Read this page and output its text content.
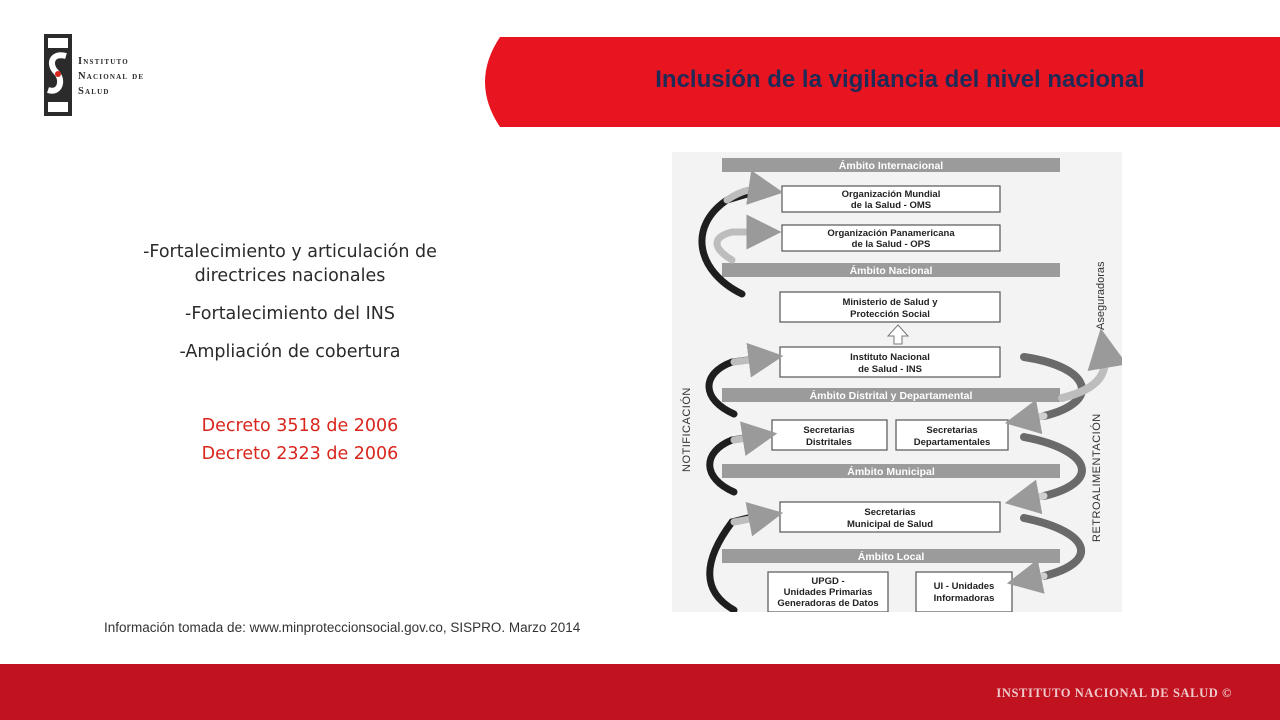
Inclusión de la vigilancia del nivel nacional
Instituto
Nacional de
Salud

-Fortalecimiento y articulación de directrices nacionales

-Fortalecimiento del INS

-Ampliación de cobertura

Decreto 3518 de 2006
Decreto 2323 de 2006
Información tomada de: www.minproteccionsocial.gov.co, SISPRO. Marzo 2014
Ámbito Internacional
Ámbito Nacional
Ámbito Distrital y Departamental
Ámbito Municipal
Ámbito Local
Organización Mundial
de la Salud - OMS
Organización Panamericana
de la Salud - OPS
Ministerio de Salud y
Protección Social
Instituto Nacional
de Salud - INS
Secretarias
Distritales
Secretarias
Departamentales
Secretarias
Municipal de Salud
UPGD -
Unidades Primarias
Generadoras de Datos
UI - Unidades
Informadoras
NOTIFICACIÓN	RETROALIMENTACIÓN
Aseguradoras
INSTITUTO NACIONAL DE SALUD ©
